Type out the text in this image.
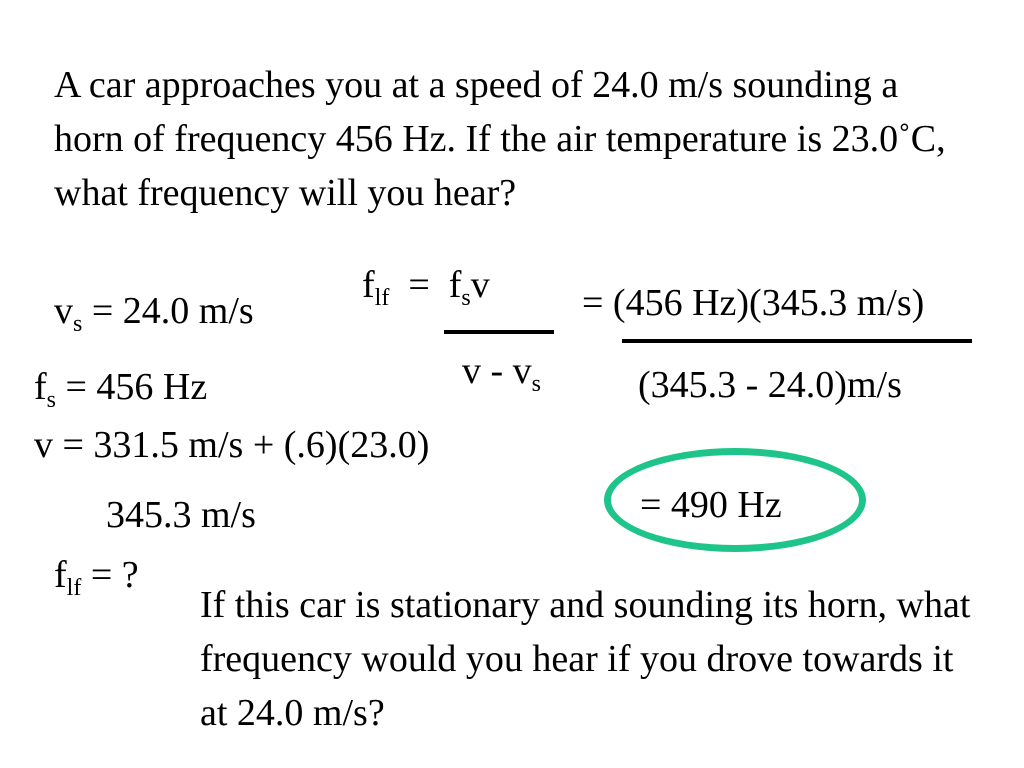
A car approaches you at a speed of 24.0 m/s sounding a horn of frequency 456 Hz. If the air temperature is 23.0˚C, what frequency will you hear?
$v_s = 24.0$ m/s
$f_{lf} = f_sv$
v - $v_s$
= (456 Hz)(345.3 m/s)
(345.3 - 24.0)m/s
$f_s = 456$ Hz
v = 331.5 m/s + (.6)(23.0)
345.3 m/s	= 490 Hz
$f_{lf}$ = ?
If this car is stationary and sounding its horn, what frequency would you hear if you drove towards it at 24.0 m/s?
